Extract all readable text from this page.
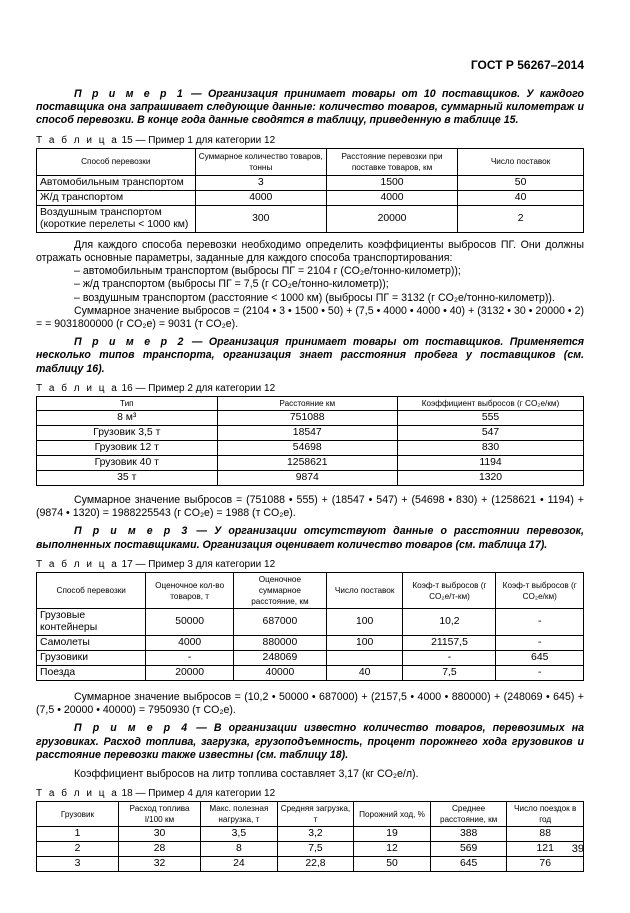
ГОСТ Р 56267–2014

П р и м е р 1 — Организация принимает товары от 10 поставщиков. У каждого поставщика она запрашивает следующие данные: количество товаров, суммарный километраж и способ перевозки. В конце года данные сводятся в таблицу, приведенную в таблице 15.

Т а б л и ц а 15 — Пример 1 для категории 12
Способ перевозки	Суммарное количество товаров, тонны	Расстояние перевозки при поставке товаров, км	Число поставок
Автомобильным транспортом	3	1500	50
Ж/д транспортом	4000	4000	40
Воздушным транспортом (короткие перелеты < 1000 км)	300	20000	2

Для каждого способа перевозки необходимо определить коэффициенты выбросов ПГ. Они должны отражать основные параметры, заданные для каждого способа транспортирования:

– автомобильным транспортом (выбросы ПГ = 2104 г (CO₂е/тонно-километр));

– ж/д транспортом (выбросы ПГ = 7,5 (г CO₂е/тонно-километр));

– воздушным транспортом (расстояние < 1000 км) (выбросы ПГ = 3132 (г CO₂е/тонно-километр)).

Суммарное значение выбросов = (2104 • 3 • 1500 • 50) + (7,5 • 4000 • 4000 • 40) + (3132 • 30 • 20000 • 2) = = 9031800000 (г CO₂е) = 9031 (т CO₂е).

П р и м е р 2 — Организация принимает товары от поставщиков. Применяется несколько типов транспорта, организация знает расстояния пробега у поставщиков (см. таблицу 16).

Т а б л и ц а 16 — Пример 2 для категории 12
Тип	Расстояние км	Коэффициент выбросов (г CO₂е/км)
8 м³	751088	555
Грузовик 3,5 т	18547	547
Грузовик 12 т	54698	830
Грузовик 40 т	1258621	1194
35 т	9874	1320

Суммарное значение выбросов = (751088 • 555) + (18547 • 547) + (54698 • 830) + (1258621 • 1194) + (9874 • 1320) = 1988225543 (г CO₂е) = 1988 (т CO₂е).

П р и м е р 3 — У организации отсутствуют данные о расстоянии перевозок, выполненных поставщиками. Организация оценивает количество товаров (см. таблица 17).

Т а б л и ц а 17 — Пример 3 для категории 12
Способ перевозки	Оценочное кол-во товаров, т	Оценочное суммарное расстояние, км	Число поставок	Коэф-т выбросов (г CO₂е/т-км)	Коэф-т выбросов (г CO₂е/км)
Грузовые контейнеры	50000	687000	100	10,2	-
Самолеты	4000	880000	100	21157,5	-
Грузовики	-	248069		-	645
Поезда	20000	40000	40	7,5	-

Суммарное значение выбросов = (10,2 • 50000 • 687000) + (2157,5 • 4000 • 880000) + (248069 • 645) + (7,5 • 20000 • 40000) = 7950930 (т CO₂е).

П р и м е р 4 — В организации известно количество товаров, перевозимых на грузовиках. Расход топлива, загрузка, грузоподъемность, процент порожнего хода грузовиков и расстояние перевозки также известны (см. таблицу 18).

Коэффициент выбросов на литр топлива составляет 3,17 (кг CO₂е/л).

Т а б л и ц а 18 — Пример 4 для категории 12
Грузовик	Расход топлива l/100 км	Макс. полезная нагрузка, т	Средняя загрузка, т	Порожний ход, %	Среднее расстояние, км	Число поездок в год
1	30	3,5	3,2	19	388	88
2	28	8	7,5	12	569	121
3	32	24	22,8	50	645	76
39
